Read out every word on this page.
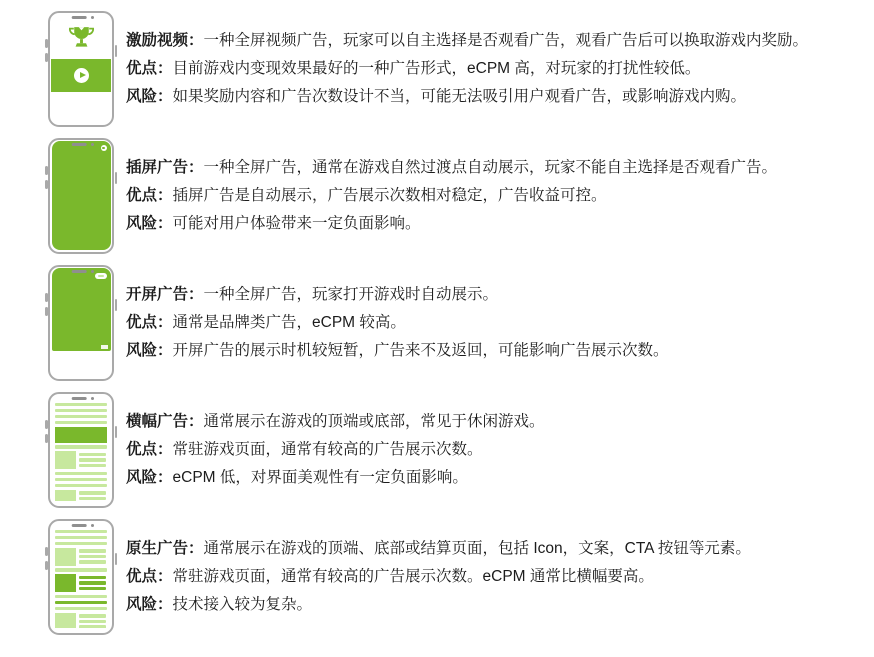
激励视频：一种全屏视频广告，玩家可以自主选择是否观看广告，观看广告后可以换取游戏内奖励。

优点：目前游戏内变现效果最好的一种广告形式，eCPM 高，对玩家的打扰性较低。

风险：如果奖励内容和广告次数设计不当，可能无法吸引用户观看广告，或影响游戏内购。

插屏广告：一种全屏广告，通常在游戏自然过渡点自动展示，玩家不能自主选择是否观看广告。

优点：插屏广告是自动展示，广告展示次数相对稳定，广告收益可控。

风险：可能对用户体验带来一定负面影响。

开屏广告：一种全屏广告，玩家打开游戏时自动展示。

优点：通常是品牌类广告，eCPM 较高。

风险：开屏广告的展示时机较短暂，广告来不及返回，可能影响广告展示次数。

横幅广告：通常展示在游戏的顶端或底部，常见于休闲游戏。

优点：常驻游戏页面，通常有较高的广告展示次数。

风险：eCPM 低，对界面美观性有一定负面影响。

原生广告：通常展示在游戏的顶端、底部或结算页面，包括 Icon，文案，CTA 按钮等元素。

优点：常驻游戏页面，通常有较高的广告展示次数。eCPM 通常比横幅要高。

风险：技术接入较为复杂。
